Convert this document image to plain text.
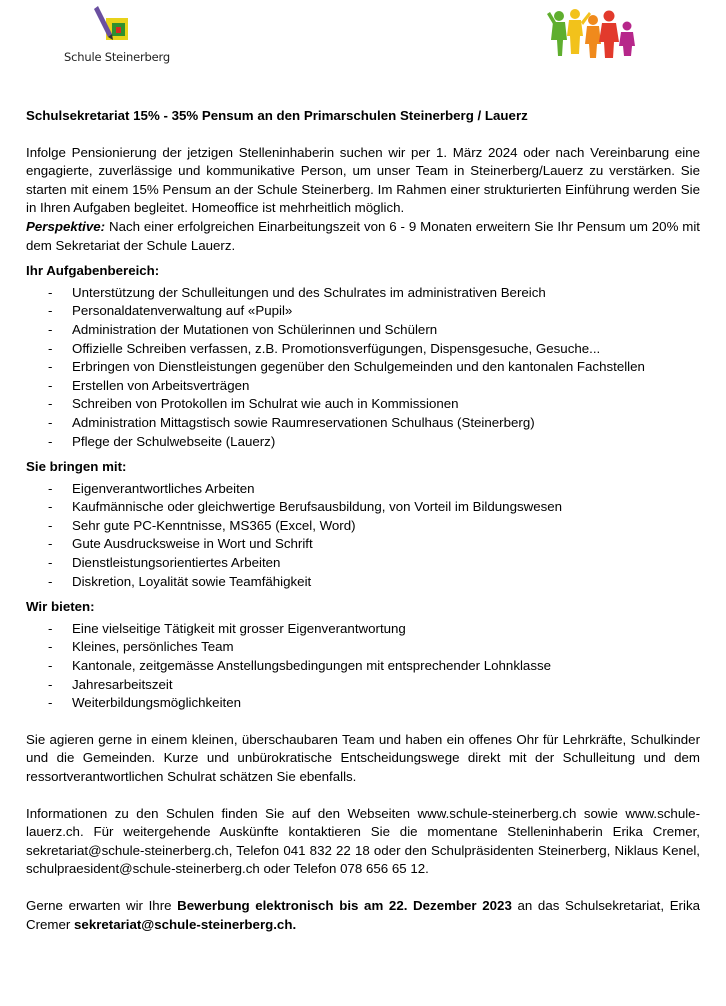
Schule Steinerberg
Schulsekretariat 15% - 35% Pensum an den Primarschulen Steinerberg / Lauerz

Infolge Pensionierung der jetzigen Stelleninhaberin suchen wir per 1. März 2024 oder nach Vereinbarung eine engagierte, zuverlässige und kommunikative Person, um unser Team in Steinerberg/Lauerz zu verstärken. Sie starten mit einem 15% Pensum an der Schule Steinerberg. Im Rahmen einer strukturierten Einführung werden Sie in Ihren Aufgaben begleitet. Homeoffice ist mehrheitlich möglich.

Perspektive: Nach einer erfolgreichen Einarbeitungszeit von 6 - 9 Monaten erweitern Sie Ihr Pensum um 20% mit dem Sekretariat der Schule Lauerz.

Ihr Aufgabenbereich:
- Unterstützung der Schulleitungen und des Schulrates im administrativen Bereich
- Personaldatenverwaltung auf «Pupil»
- Administration der Mutationen von Schülerinnen und Schülern
- Offizielle Schreiben verfassen, z.B. Promotionsverfügungen, Dispensgesuche, Gesuche...
- Erbringen von Dienstleistungen gegenüber den Schulgemeinden und den kantonalen Fachstellen
- Erstellen von Arbeitsverträgen
- Schreiben von Protokollen im Schulrat wie auch in Kommissionen
- Administration Mittagstisch sowie Raumreservationen Schulhaus (Steinerberg)
- Pflege der Schulwebseite (Lauerz)
Sie bringen mit:
- Eigenverantwortliches Arbeiten
- Kaufmännische oder gleichwertige Berufsausbildung, von Vorteil im Bildungswesen
- Sehr gute PC-Kenntnisse, MS365 (Excel, Word)
- Gute Ausdrucksweise in Wort und Schrift
- Dienstleistungsorientiertes Arbeiten
- Diskretion, Loyalität sowie Teamfähigkeit
Wir bieten:
- Eine vielseitige Tätigkeit mit grosser Eigenverantwortung
- Kleines, persönliches Team
- Kantonale, zeitgemässe Anstellungsbedingungen mit entsprechender Lohnklasse
- Jahresarbeitszeit
- Weiterbildungsmöglichkeiten

Sie agieren gerne in einem kleinen, überschaubaren Team und haben ein offenes Ohr für Lehrkräfte, Schulkinder und die Gemeinden. Kurze und unbürokratische Entscheidungswege direkt mit der Schulleitung und dem ressortverantwortlichen Schulrat schätzen Sie ebenfalls.

Informationen zu den Schulen finden Sie auf den Webseiten www.schule-steinerberg.ch sowie www.schule-lauerz.ch. Für weitergehende Auskünfte kontaktieren Sie die momentane Stelleninhaberin Erika Cremer, sekretariat@schule-steinerberg.ch, Telefon 041 832 22 18 oder den Schulpräsidenten Steinerberg, Niklaus Kenel, schulpraesident@schule-steinerberg.ch oder Telefon 078 656 65 12.

Gerne erwarten wir Ihre Bewerbung elektronisch bis am 22. Dezember 2023 an das Schulsekretariat, Erika Cremer sekretariat@schule-steinerberg.ch.
